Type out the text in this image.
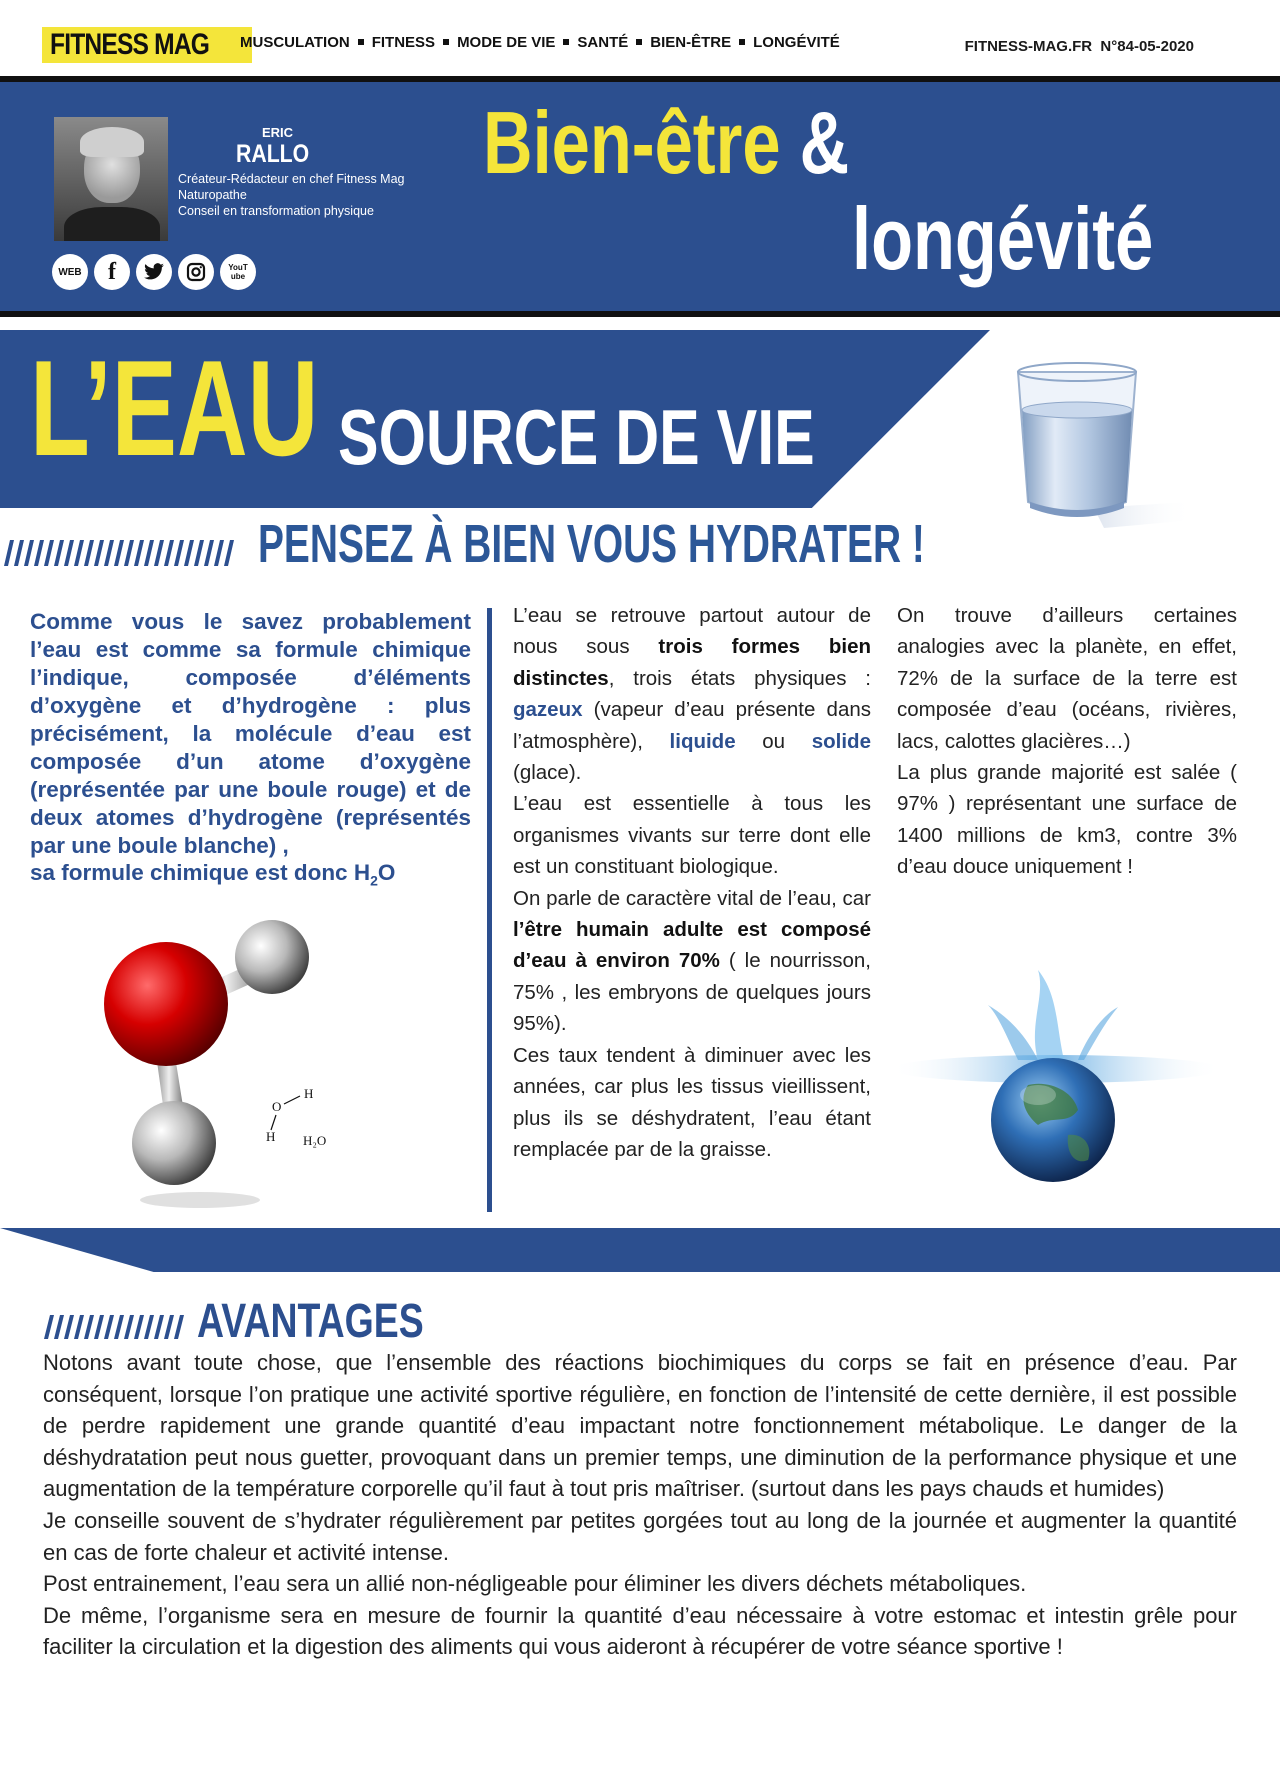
FITNESS MAG MUSCULATION FITNESS MODE DE VIE SANTÉ BIEN-ÊTRE LONGÉVITÉ	FITNESS-MAG.FR  N°84-05-2020
ERIC
RALLO
Créateur-Rédacteur en chef Fitness Mag
Naturopathe
Conseil en transformation physique
WEB f	YouTube
Bien-être &
longévité
L’EAU SOURCE DE VIE
PENSEZ À BIEN VOUS HYDRATER !
Comme vous le savez probablement l’eau est comme sa formule chimique l’indique, composée d’éléments d’oxygène et d’hydrogène : plus précisément, la molécule d’eau est composée d’un atome d’oxygène (représentée par une boule rouge) et de deux atomes d’hydrogène (représentés par une boule blanche) ,
sa formule chimique est donc $H_2O$
H
O
H H₂O

L’eau se retrouve partout autour de nous sous trois formes bien distinctes, trois états physiques : gazeux (vapeur d’eau présente dans l’atmosphère), liquide ou solide (glace).

L’eau est essentielle à tous les organismes vivants sur terre dont elle est un constituant biologique.

On parle de caractère vital de l’eau, car l’être humain adulte est composé d’eau à environ 70% ( le nourrisson, 75% , les embryons de quelques jours 95%).

Ces taux tendent à diminuer avec les années, car plus les tissus vieillissent, plus ils se déshydratent, l’eau étant remplacée par de la graisse.

On trouve d’ailleurs certaines analogies avec la planète, en effet, 72% de la surface de la terre est composée d’eau (océans, rivières, lacs, calottes glacières…)

La plus grande majorité est salée ( 97% ) représentant une surface de 1400 millions de km3, contre 3% d’eau douce uniquement !

AVANTAGES

Notons avant toute chose, que l’ensemble des réactions biochimiques du corps se fait en présence d’eau. Par conséquent, lorsque l’on pratique une activité sportive régulière, en fonction de l’intensité de cette dernière, il est possible de perdre rapidement une grande quantité d’eau impactant notre fonctionnement métabolique. Le danger de la déshydratation peut nous guetter, provoquant dans un premier temps, une diminution de la performance physique et une augmentation de la température corporelle qu’il faut à tout pris maîtriser. (surtout dans les pays chauds et humides)

Je conseille souvent de s’hydrater régulièrement par petites gorgées tout au long de la journée et augmenter la quantité en cas de forte chaleur et activité intense.

Post entrainement, l’eau sera un allié non-négligeable pour éliminer les divers déchets métaboliques.

De même, l’organisme sera en mesure de fournir la quantité d’eau nécessaire à votre estomac et intestin grêle pour faciliter la circulation et la digestion des aliments qui vous aideront à récupérer de votre séance sportive !
